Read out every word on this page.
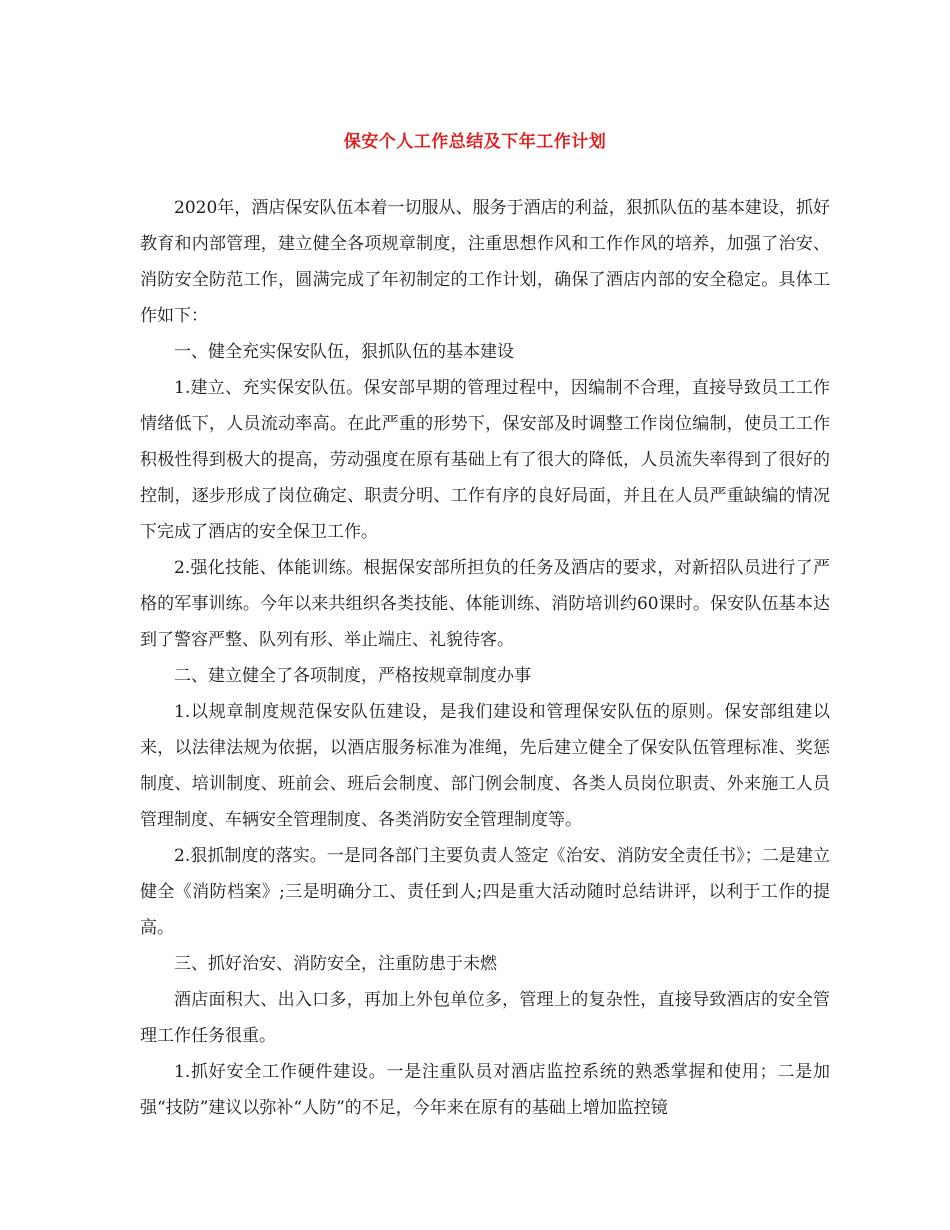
保安个人工作总结及下年工作计划

2020年，酒店保安队伍本着一切服从、服务于酒店的利益，狠抓队伍的基本建设，抓好教育和内部管理，建立健全各项规章制度，注重思想作风和工作作风的培养，加强了治安、消防安全防范工作，圆满完成了年初制定的工作计划，确保了酒店内部的安全稳定。具体工作如下：

一、健全充实保安队伍，狠抓队伍的基本建设

1.建立、充实保安队伍。保安部早期的管理过程中，因编制不合理，直接导致员工工作情绪低下，人员流动率高。在此严重的形势下，保安部及时调整工作岗位编制，使员工工作积极性得到极大的提高，劳动强度在原有基础上有了很大的降低，人员流失率得到了很好的控制，逐步形成了岗位确定、职责分明、工作有序的良好局面，并且在人员严重缺编的情况下完成了酒店的安全保卫工作。

2.强化技能、体能训练。根据保安部所担负的任务及酒店的要求，对新招队员进行了严格的军事训练。今年以来共组织各类技能、体能训练、消防培训约60课时。保安队伍基本达到了警容严整、队列有形、举止端庄、礼貌待客。

二、建立健全了各项制度，严格按规章制度办事

1.以规章制度规范保安队伍建设，是我们建设和管理保安队伍的原则。保安部组建以来，以法律法规为依据，以酒店服务标准为准绳，先后建立健全了保安队伍管理标准、奖惩制度、培训制度、班前会、班后会制度、部门例会制度、各类人员岗位职责、外来施工人员管理制度、车辆安全管理制度、各类消防安全管理制度等。

2.狠抓制度的落实。一是同各部门主要负责人签定《治安、消防安全责任书》；二是建立健全《消防档案》;三是明确分工、责任到人;四是重大活动随时总结讲评，以利于工作的提高。

三、抓好治安、消防安全，注重防患于未燃

酒店面积大、出入口多，再加上外包单位多，管理上的复杂性，直接导致酒店的安全管理工作任务很重。

1.抓好安全工作硬件建设。一是注重队员对酒店监控系统的熟悉掌握和使用；二是加强“技防”建议以弥补“人防”的不足，今年来在原有的基础上增加监控镜
